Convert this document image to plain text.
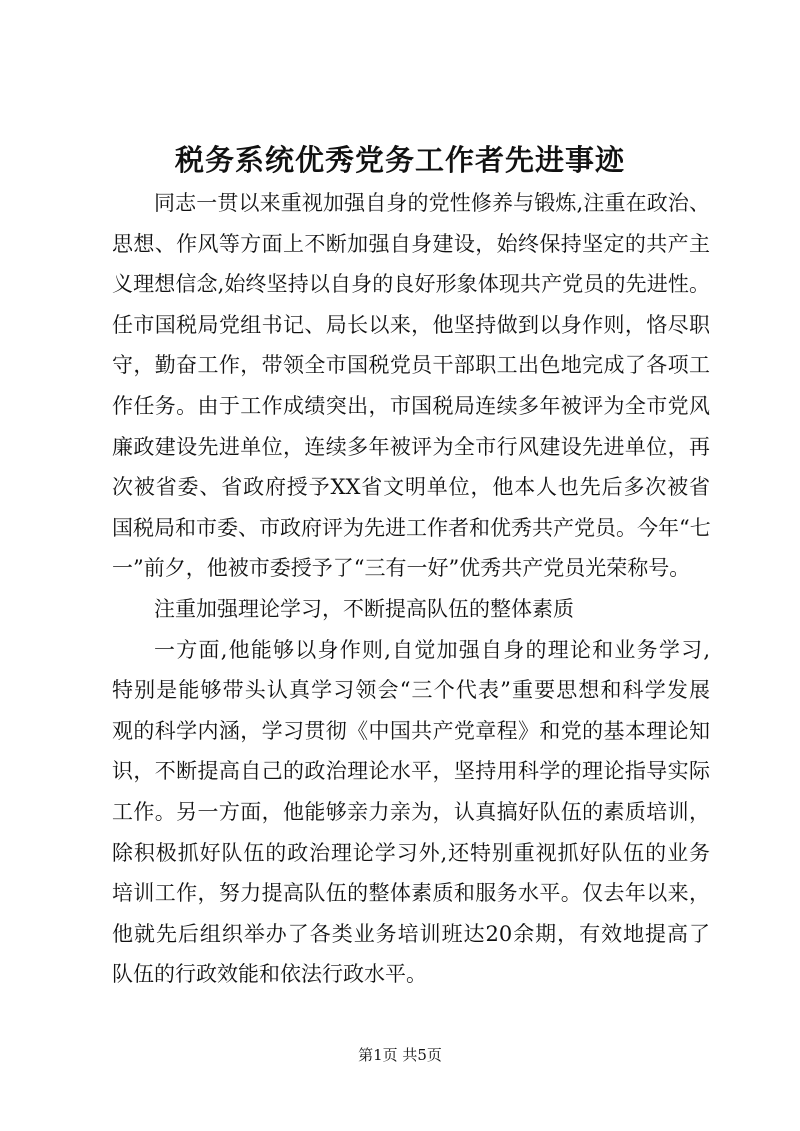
税务系统优秀党务工作者先进事迹
同志一贯以来重视加强自身的党性修养与锻炼,注重在政治、
思想、作风等方面上不断加强自身建设，始终保持坚定的共产主
义理想信念,始终坚持以自身的良好形象体现共产党员的先进性。
任市国税局党组书记、局长以来，他坚持做到以身作则，恪尽职
守，勤奋工作，带领全市国税党员干部职工出色地完成了各项工
作任务。由于工作成绩突出，市国税局连续多年被评为全市党风
廉政建设先进单位，连续多年被评为全市行风建设先进单位，再
次被省委、省政府授予XX省文明单位，他本人也先后多次被省
国税局和市委、市政府评为先进工作者和优秀共产党员。今年“七
一”前夕，他被市委授予了“三有一好”优秀共产党员光荣称号。
注重加强理论学习，不断提高队伍的整体素质
一方面,他能够以身作则,自觉加强自身的理论和业务学习,
特别是能够带头认真学习领会“三个代表”重要思想和科学发展
观的科学内涵，学习贯彻《中国共产党章程》和党的基本理论知
识，不断提高自己的政治理论水平，坚持用科学的理论指导实际
工作。另一方面，他能够亲力亲为，认真搞好队伍的素质培训，
除积极抓好队伍的政治理论学习外,还特别重视抓好队伍的业务
培训工作，努力提高队伍的整体素质和服务水平。仅去年以来，
他就先后组织举办了各类业务培训班达20余期，有效地提高了
队伍的行政效能和依法行政水平。
第1页 共5页
